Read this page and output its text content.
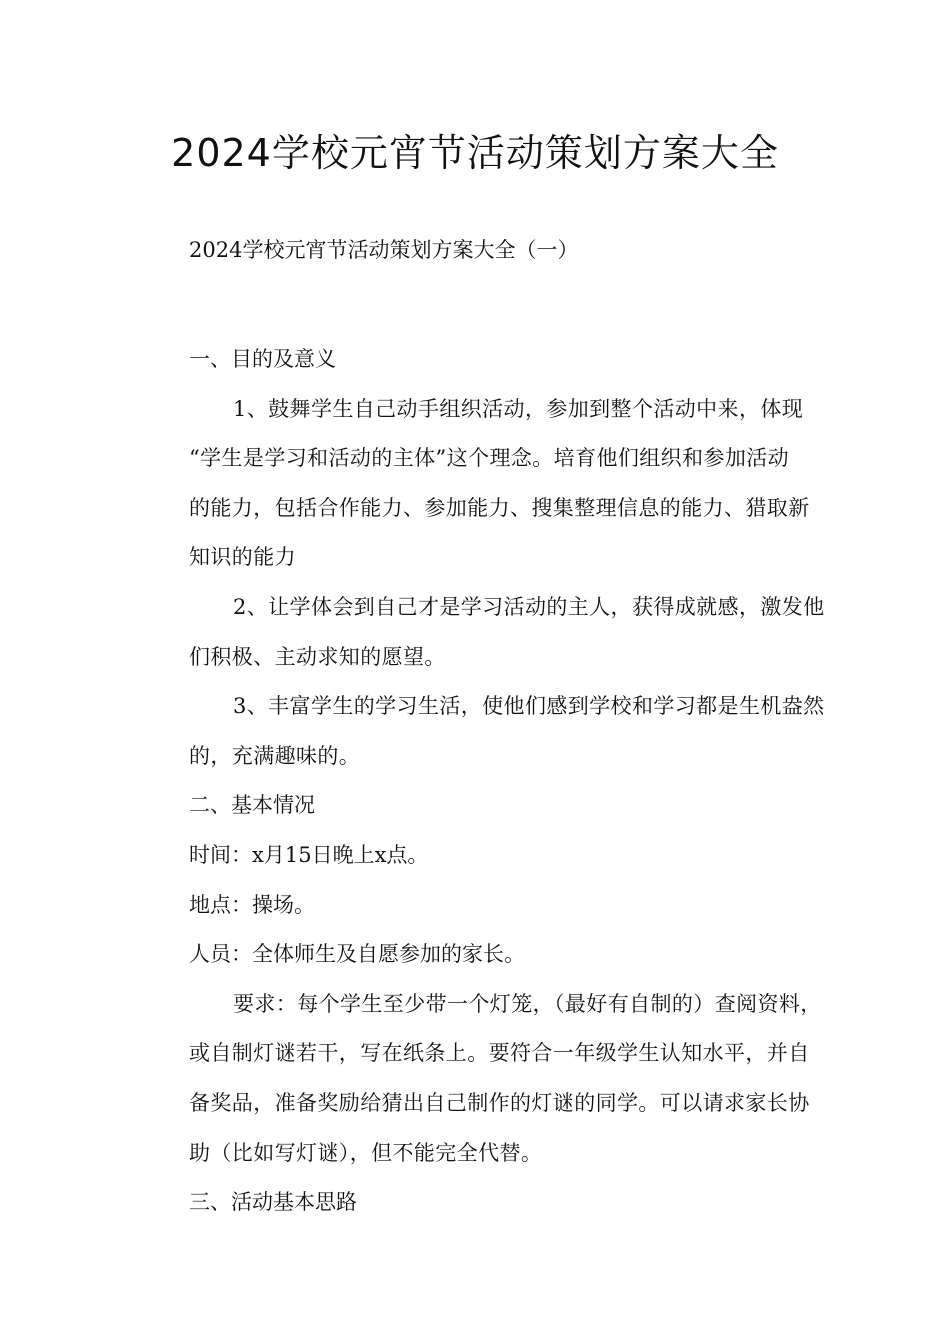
2024学校元宵节活动策划方案大全

2024学校元宵节活动策划方案大全（一）

一、目的及意义

1、鼓舞学生自己动手组织活动，参加到整个活动中来，体现
“学生是学习和活动的主体”这个理念。培育他们组织和参加活动
的能力，包括合作能力、参加能力、搜集整理信息的能力、猎取新
知识的能力
2、让学体会到自己才是学习活动的主人，获得成就感，激发他
们积极、主动求知的愿望。
3、丰富学生的学习生活，使他们感到学校和学习都是生机盎然
的，充满趣味的。

二、基本情况

时间：x月15日晚上x点。

地点：操场。

人员：全体师生及自愿参加的家长。

要求：每个学生至少带一个灯笼，（最好有自制的）查阅资料，
或自制灯谜若干，写在纸条上。要符合一年级学生认知水平，并自
备奖品，准备奖励给猜出自己制作的灯谜的同学。可以请求家长协
助（比如写灯谜），但不能完全代替。

三、活动基本思路
